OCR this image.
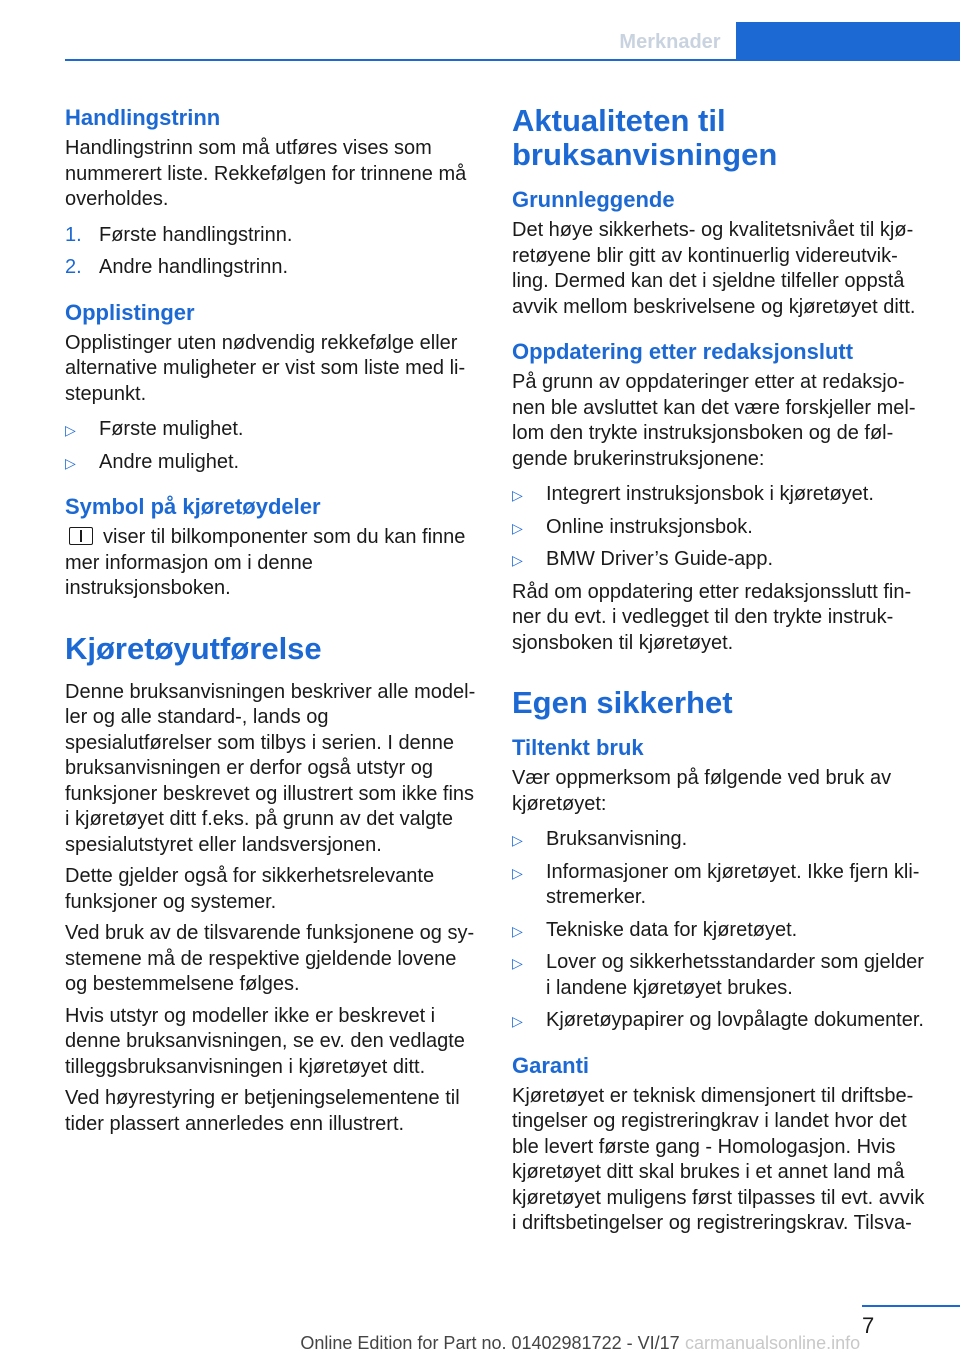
Merknader
Handlingstrinn

Handlingstrinn som må utføres vises som nummerert liste. Rekkefølgen for trinnene må overholdes.

1. Første handlingstrinn.
2. Andre handlingstrinn.
Opplistinger

Opplistinger uten nødvendig rekkefølge eller alternative muligheter er vist som liste med listepunkt.

▷ Første mulighet.
▷ Andre mulighet.
Symbol på kjøretøydeler

viser til bilkomponenter som du kan finne mer informasjon om i denne instruksjonsboken.

Kjøretøyutførelse

Denne bruksanvisningen beskriver alle modeller og alle standard-, lands og spesialutførelser som tilbys i serien. I denne bruksanvisningen er derfor også utstyr og funksjoner beskrevet og illustrert som ikke fins i kjøretøyet ditt f.eks. på grunn av det valgte spesialutstyret eller landsversjonen.

Dette gjelder også for sikkerhetsrelevante funksjoner og systemer.

Ved bruk av de tilsvarende funksjonene og systemene må de respektive gjeldende lovene og bestemmelsene følges.

Hvis utstyr og modeller ikke er beskrevet i denne bruksanvisningen, se ev. den vedlagte tilleggsbruksanvisningen i kjøretøyet ditt.

Ved høyrestyring er betjeningselementene til tider plassert annerledes enn illustrert.

Aktualiteten til bruksanvisningen
Grunnleggende

Det høye sikkerhets- og kvalitetsnivået til kjøretøyene blir gitt av kontinuerlig videreutvikling. Dermed kan det i sjeldne tilfeller oppstå avvik mellom beskrivelsene og kjøretøyet ditt.

Oppdatering etter redaksjonslutt

På grunn av oppdateringer etter at redaksjonen ble avsluttet kan det være forskjeller mellom den trykte instruksjonsboken og de følgende brukerinstruksjonene:

▷ Integrert instruksjonsbok i kjøretøyet.
▷ Online instruksjonsbok.
▷ BMW Driver’s Guide-app.

Råd om oppdatering etter redaksjonsslutt finner du evt. i vedlegget til den trykte instruksjonsboken til kjøretøyet.

Egen sikkerhet
Tiltenkt bruk

Vær oppmerksom på følgende ved bruk av kjøretøyet:

▷ Bruksanvisning.
▷ Informasjoner om kjøretøyet. Ikke fjern klistremerker.
▷ Tekniske data for kjøretøyet.
▷ Lover og sikkerhetsstandarder som gjelder i landene kjøretøyet brukes.
▷ Kjøretøypapirer og lovpålagte dokumenter.
Garanti

Kjøretøyet er teknisk dimensjonert til driftsbetingelser og registreringkrav i landet hvor det ble levert første gang - Homologasjon. Hvis kjøretøyet ditt skal brukes i et annet land må kjøretøyet muligens først tilpasses til evt. avvik i driftsbetingelser og registreringskrav. Tilsva-

7
Online Edition for Part no. 01402981722 - VI/17 carmanualsonline.info
